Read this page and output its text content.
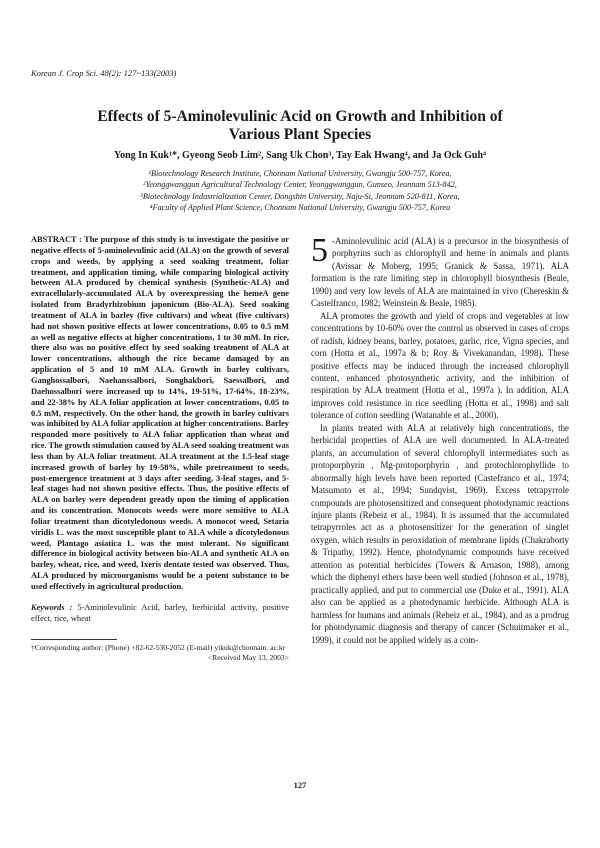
Korean J. Crop Sci. 48(2): 127~133(2003)
Effects of 5-Aminolevulinic Acid on Growth and Inhibition of
Various Plant Species
Yong In Kuk¹*, Gyeong Seob Lim², Sang Uk Chon³, Tay Eak Hwang⁴, and Ja Ock Guh⁴
¹Biotechnology Research Institute, Chonnam National University, Gwangju 500-757, Korea,
²Yeonggwanggun Agricultural Technology Center, Yeonggwanggun, Gunseo, Jeonnam 513-842,
³Biotechnology Industrialization Center, Dongshin University, Naju-Si, Jeonnam 520-811, Korea,
⁴Faculty of Applied Plant Science, Chonnam National University, Gwangju 500-757, Korea

ABSTRACT : The purpose of this study is to investigate the positive or negative effects of 5-aminolevulinic acid (ALA) on the growth of several crops and weeds, by applying a seed soaking treatment, foliar treatment, and application timing, while comparing biological activity between ALA produced by chemical synthesis (Synthetic-ALA) and extracellularly-accumulated ALA by overexpressing the hemeA gene isolated from Bradyrhizobium japonicum (Bio-ALA). Seed soaking treatment of ALA in barley (five cultivars) and wheat (five cultivars) had not shown positive effects at lower concentrations, 0.05 to 0.5 mM as well as negative effects at higher concentrations, 1 to 30 mM. In rice, there also was no positive effect by seed soaking treatment of ALA at lower concentrations, although the rice became damaged by an application of 5 and 10 mM ALA. Growth in barley cultivars, Ganghossalbori, Naehanssalbori, Songhakbori, Saessalbori, and Daehossalbori were increased up to 14%, 19-51%, 17-64%, 18-23%, and 22-38% by ALA foliar application at lower concentrations, 0.05 to 0.5 mM, respectively. On the other hand, the growth in barley cultivars was inhibited by ALA foliar application at higher concentrations. Barley responded more positively to ALA foliar application than wheat and rice. The growth stimulation caused by ALA seed soaking treatment was less than by ALA foliar treatment. ALA treatment at the 1.5-leaf stage increased growth of barley by 19-58%, while pretreatment to seeds, post-emergence treatment at 3 days after seeding, 3-leaf stages, and 5-leaf stages had not shown positive effects. Thus, the positive effects of ALA on barley were dependent greatly upon the timing of application and its concentration. Monocots weeds were more sensitive to ALA foliar treatment than dicotyledonous weeds. A monocot weed, Setaria viridis L. was the most susceptible plant to ALA while a dicotyledonous weed, Plantago asiatica L. was the most tolerant. No significant difference in biological activity between bio-ALA and synthetic ALA on barley, wheat, rice, and weed, Ixeris dentate tested was observed. Thus, ALA produced by microorganisms would be a potent substance to be used effectively in agricultural production.

Keywords : 5-Aminolevulinic Acid, barley, herbicidal activity, positive effect, rice, wheat

†Corresponding author: (Phone) +82-62-530-2052 (E-mail) yikuk@chonnam. ac.kr
<Received May 13, 2003>

5 -Aminolevulinic acid (ALA) is a precursor in the biosynthesis of porphyrins such as chlorophyll and heme in animals and plants (Avissar & Moberg, 1995; Granick & Sassa, 1971). ALA formation is the rate limiting step in chlorophyll biosynthesis (Beale, 1990) and very low levels of ALA are maintained in vivo (Chereskin & Castelfranco, 1982; Weinstein & Beale, 1985).

ALA promotes the growth and yield of crops and vegetables at low concentrations by 10-60% over the control as observed in cases of crops of radish, kidney beans, barley, potatoes, garlic, rice, Vigna species, and corn (Hotta et al., 1997a & b; Roy & Vivekanandan, 1998). These positive effects may be induced through the increased chlorophyll content, enhanced photosynthetic activity, and the inhibition of respiration by ALA treatment (Hotta et al., 1997a ). In addition, ALA improves cold resistance in rice seedling (Hotta et al., 1998) and salt tolerance of cotton seedling (Watanable et al., 2000).

In plants treated with ALA at relatively high concentrations, the herbicidal properties of ALA are well documented. In ALA-treated plants, an accumulation of several chlorophyll intermediates such as protoporphyrin , Mg-protoporphyrin , and protochlorophyllide to abnormally high levels have been reported (Castefranco et al., 1974; Matsumoto et al., 1994; Sundqvist, 1969). Excess tetrapyrrole compounds are photosensitized and consequent photodynamic reactions injure plants (Rebeiz et al., 1984). It is assumed that the accumulated tetrapyrroles act as a photosensitizer for the generation of singlet oxygen, which results in peroxidation of membrane lipids (Chakraborty & Tripathy, 1992). Hence, photodynamic compounds have received attention as potential herbicides (Towers & Arnason, 1988), among which the diphenyl ethers have been well studied (Johnson et al., 1978), practically applied, and put to commercial use (Duke et al., 1991). ALA also can be applied as a photodynamic herbicide. Although ALA is harmless for humans and animals (Rebeiz et al., 1984), and as a prodrug for photodynamic diagnosis and therapy of cancer (Schuitmaker et al., 1999), it could not be applied widely as a com-

127
